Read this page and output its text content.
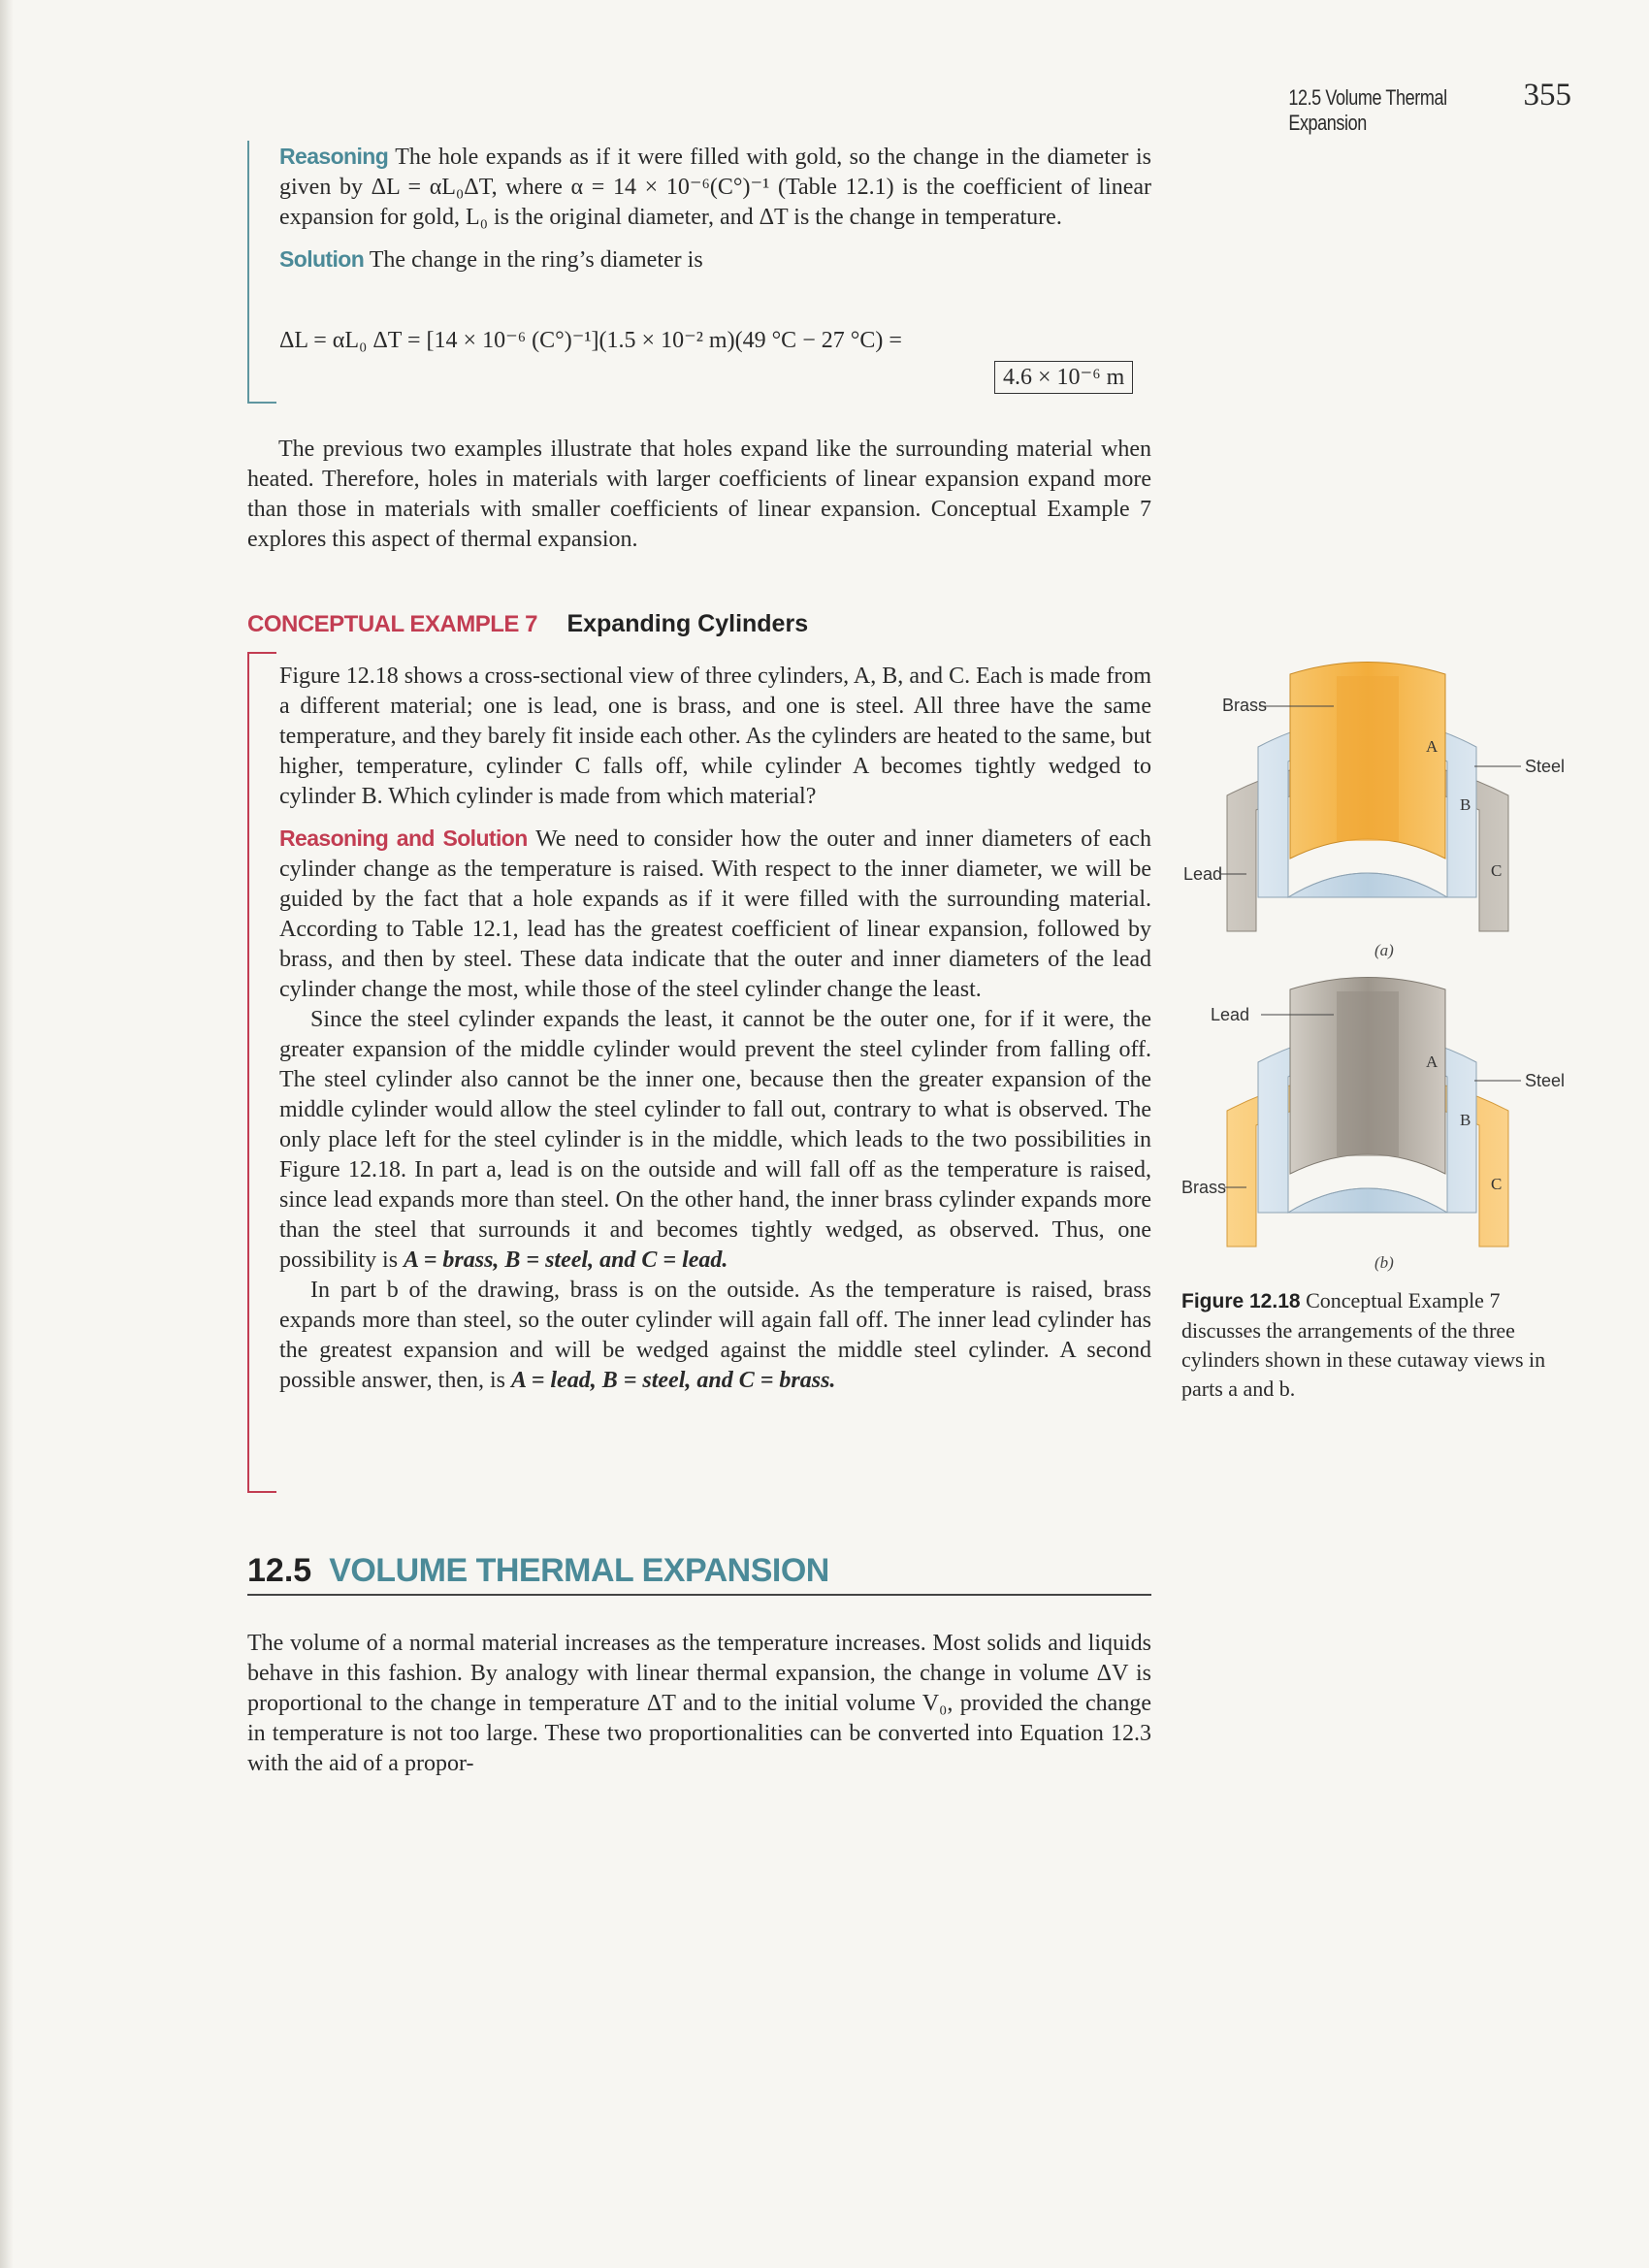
12.5 Volume Thermal Expansion
355

Reasoning The hole expands as if it were filled with gold, so the change in the diameter is given by ΔL = αL₀ΔT, where α = 14 × 10⁻⁶(C°)⁻¹ (Table 12.1) is the coefficient of linear expansion for gold, L₀ is the original diameter, and ΔT is the change in temperature.

Solution The change in the ring’s diameter is

ΔL = αL₀ ΔT = [14 × 10⁻⁶ (C°)⁻¹](1.5 × 10⁻² m)(49 °C − 27 °C) =
4.6 × 10⁻⁶ m

The previous two examples illustrate that holes expand like the surrounding material when heated. Therefore, holes in materials with larger coefficients of linear expansion expand more than those in materials with smaller coefficients of linear expansion. Conceptual Example 7 explores this aspect of thermal expansion.

CONCEPTUAL EXAMPLE 7 Expanding Cylinders

Figure 12.18 shows a cross-sectional view of three cylinders, A, B, and C. Each is made from a different material; one is lead, one is brass, and one is steel. All three have the same temperature, and they barely fit inside each other. As the cylinders are heated to the same, but higher, temperature, cylinder C falls off, while cylinder A becomes tightly wedged to cylinder B. Which cylinder is made from which material?

Reasoning and Solution We need to consider how the outer and inner diameters of each cylinder change as the temperature is raised. With respect to the inner diameter, we will be guided by the fact that a hole expands as if it were filled with the surrounding material. According to Table 12.1, lead has the greatest coefficient of linear expansion, followed by brass, and then by steel. These data indicate that the outer and inner diameters of the lead cylinder change the most, while those of the steel cylinder change the least.

Since the steel cylinder expands the least, it cannot be the outer one, for if it were, the greater expansion of the middle cylinder would prevent the steel cylinder from falling off. The steel cylinder also cannot be the inner one, because then the greater expansion of the middle cylinder would allow the steel cylinder to fall out, contrary to what is observed. The only place left for the steel cylinder is in the middle, which leads to the two possibilities in Figure 12.18. In part a, lead is on the outside and will fall off as the temperature is raised, since lead expands more than steel. On the other hand, the inner brass cylinder expands more than the steel that surrounds it and becomes tightly wedged, as observed. Thus, one possibility is A = brass, B = steel, and C = lead.

In part b of the drawing, brass is on the outside. As the temperature is raised, brass expands more than steel, so the outer cylinder will again fall off. The inner lead cylinder has the greatest expansion and will be wedged against the middle steel cylinder. A second possible answer, then, is A = lead, B = steel, and C = brass.

Brass
Steel
Lead
A
B
C
(a)
Lead
Steel
Brass
A
B
C
(b)
Figure 12.18 Conceptual Example 7 discusses the arrangements of the three cylinders shown in these cutaway views in parts a and b.
12.5 VOLUME THERMAL EXPANSION

The volume of a normal material increases as the temperature increases. Most solids and liquids behave in this fashion. By analogy with linear thermal expansion, the change in volume ΔV is proportional to the change in temperature ΔT and to the initial volume V₀, provided the change in temperature is not too large. These two proportionalities can be converted into Equation 12.3 with the aid of a propor-
